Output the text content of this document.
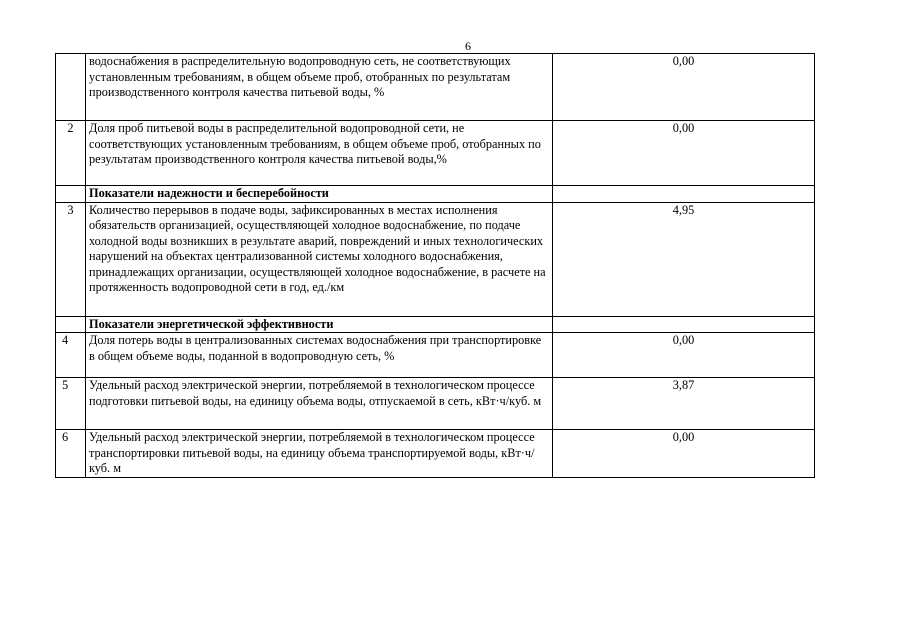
6
	водоснабжения в распределительную водопроводную сеть, не соответствующих установленным требованиям, в общем объеме проб, отобранных по результатам производственного контроля качества питьевой воды, %	0,00
2	Доля проб питьевой воды в распределительной водопроводной сети, не соответствующих установленным требованиям, в общем объеме проб, отобранных по результатам производственного контроля качества питьевой воды,%	0,00
	Показатели надежности и бесперебойности	
3	Количество перерывов в подаче воды, зафиксированных в местах исполнения обязательств организацией, осуществляющей холодное водоснабжение, по подаче холодной воды возникших в результате аварий, повреждений и иных технологических нарушений на объектах централизованной системы холодного водоснабжения, принадлежащих организации, осуществляющей холодное водоснабжение, в расчете на протяженность водопроводной сети в год, ед./км	4,95
	Показатели энергетической эффективности	
4	Доля потерь воды в централизованных системах водоснабжения при транспортировке в общем объеме воды, поданной в водопроводную сеть, %	0,00
5	Удельный расход электрической энергии, потребляемой в технологическом процессе подготовки питьевой воды, на единицу объема воды, отпускаемой в сеть, кВт·ч/куб. м	3,87
6	Удельный расход электрической энергии, потребляемой в технологическом процессе транспортировки питьевой воды, на единицу объема транспортируемой воды, кВт·ч/куб. м	0,00
